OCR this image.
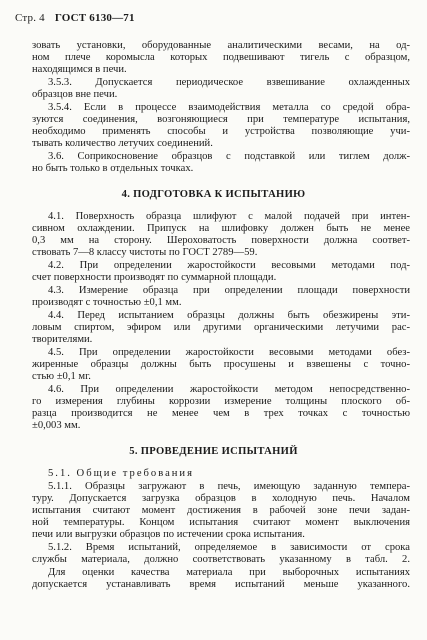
Стр. 4 ГОСТ 6130—71
зовать установки, оборудованные аналитическими весами, на од-
ном плече коромысла которых подвешивают тигель с образцом,
находящимся в печи.
3.5.3. Допускается периодическое взвешивание охлажденных
образцов вне печи.
3.5.4. Если в процессе взаимодействия металла со средой обра-
зуются соединения, возгоняющиеся при температуре испытания,
необходимо применять способы и устройства позволяющие учи-
тывать количество летучих соединений.
3.6. Соприкосновение образцов с подставкой или тиглем долж-
но быть только в отдельных точках.
4. ПОДГОТОВКА К ИСПЫТАНИЮ
4.1. Поверхность образца шлифуют с малой подачей при интен-
сивном охлаждении. Припуск на шлифовку должен быть не менее
0,3 мм на сторону. Шероховатость поверхности должна соответ-
ствовать 7—8 классу чистоты по ГОСТ 2789—59.
4.2. При определении жаростойкости весовыми методами под-
счет поверхности производят по суммарной площади.
4.3. Измерение образца при определении площади поверхности
производят с точностью ±0,1 мм.
4.4. Перед испытанием образцы должны быть обезжирены эти-
ловым спиртом, эфиром или другими органическими летучими рас-
творителями.
4.5. При определении жаростойкости весовыми методами обез-
жиренные образцы должны быть просушены и взвешены с точно-
стью ±0,1 мг.
4.6. При определении жаростойкости методом непосредственно-
го измерения глубины коррозии измерение толщины плоского об-
разца производится не менее чем в трех точках с точностью
±0,003 мм.
5. ПРОВЕДЕНИЕ ИСПЫТАНИЙ
5.1. Общие требования
5.1.1. Образцы загружают в печь, имеющую заданную темпера-
туру. Допускается загрузка образцов в холодную печь. Началом
испытания считают момент достижения в рабочей зоне печи задан-
ной температуры. Концом испытания считают момент выключения
печи или выгрузки образцов по истечении срока испытания.
5.1.2. Время испытаний, определяемое в зависимости от срока
службы материала, должно соответствовать указанному в табл. 2.
Для оценки качества материала при выборочных испытаниях
допускается устанавливать время испытаний меньше указанного.
